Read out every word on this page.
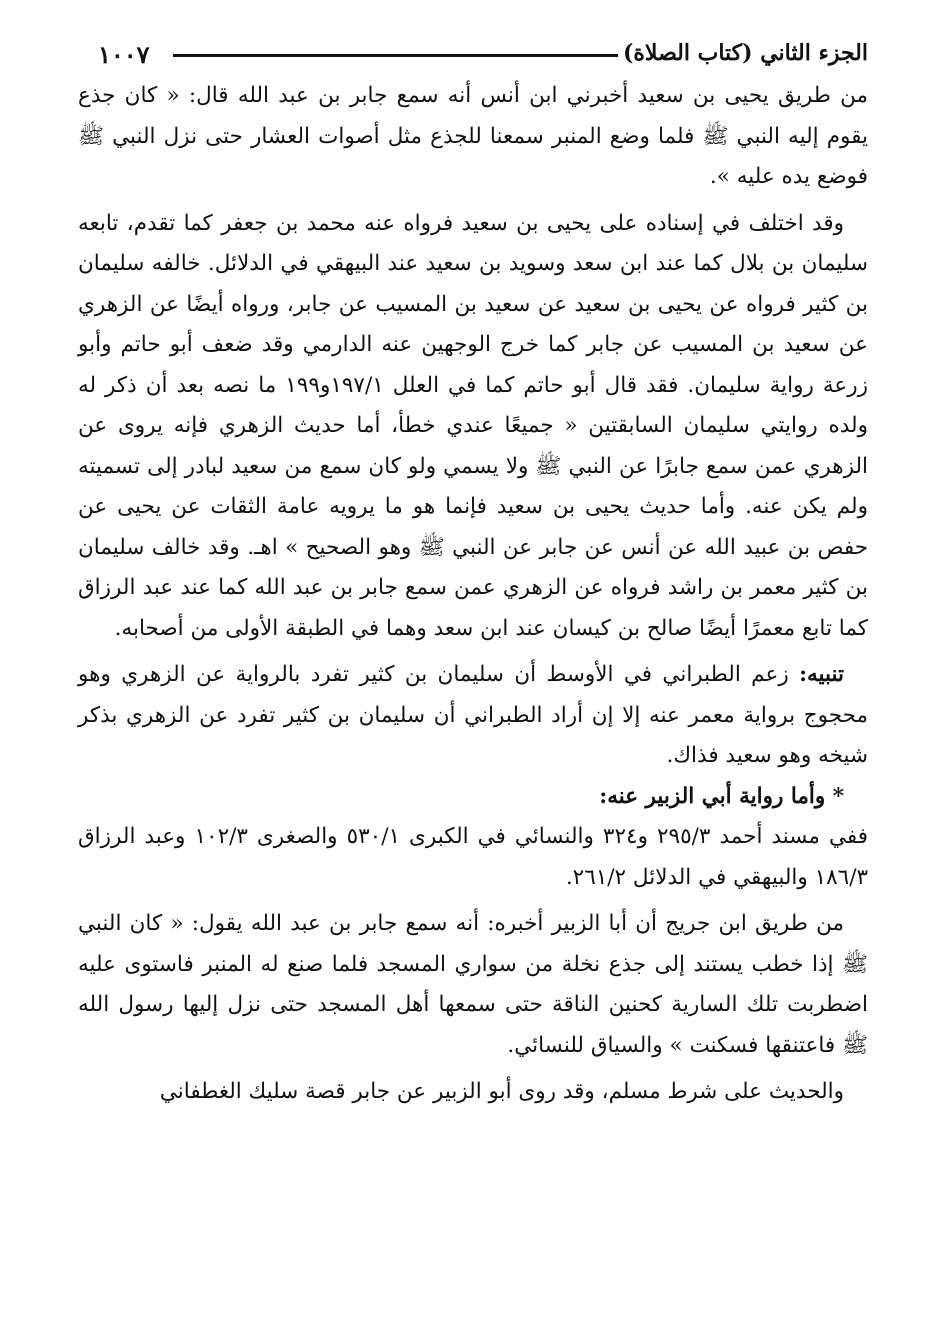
١٠٠٧	الجزء الثاني (كتاب الصلاة)

من طريق يحيى بن سعيد أخبرني ابن أنس أنه سمع جابر بن عبد الله قال: « كان جذع يقوم إليه النبي ﷺ فلما وضع المنبر سمعنا للجذع مثل أصوات العشار حتى نزل النبي ﷺ فوضع يده عليه ».

وقد اختلف في إسناده على يحيى بن سعيد فرواه عنه محمد بن جعفر كما تقدم، تابعه سليمان بن بلال كما عند ابن سعد وسويد بن سعيد عند البيهقي في الدلائل. خالفه سليمان بن كثير فرواه عن يحيى بن سعيد عن سعيد بن المسيب عن جابر، ورواه أيضًا عن الزهري عن سعيد بن المسيب عن جابر كما خرج الوجهين عنه الدارمي وقد ضعف أبو حاتم وأبو زرعة رواية سليمان. فقد قال أبو حاتم كما في العلل ١٩٧/١و١٩٩ ما نصه بعد أن ذكر له ولده روايتي سليمان السابقتين « جميعًا عندي خطأ، أما حديث الزهري فإنه يروى عن الزهري عمن سمع جابرًا عن النبي ﷺ ولا يسمي ولو كان سمع من سعيد لبادر إلى تسميته ولم يكن عنه. وأما حديث يحيى بن سعيد فإنما هو ما يرويه عامة الثقات عن يحيى عن حفص بن عبيد الله عن أنس عن جابر عن النبي ﷺ وهو الصحيح » اهـ. وقد خالف سليمان بن كثير معمر بن راشد فرواه عن الزهري عمن سمع جابر بن عبد الله كما عند عبد الرزاق كما تابع معمرًا أيضًا صالح بن كيسان عند ابن سعد وهما في الطبقة الأولى من أصحابه.

تنبيه: زعم الطبراني في الأوسط أن سليمان بن كثير تفرد بالرواية عن الزهري وهو محجوج برواية معمر عنه إلا إن أراد الطبراني أن سليمان بن كثير تفرد عن الزهري بذكر شيخه وهو سعيد فذاك.

* وأما رواية أبي الزبير عنه:

ففي مسند أحمد ٢٩٥/٣ و٣٢٤ والنسائي في الكبرى ٥٣٠/١ والصغرى ١٠٢/٣ وعبد الرزاق ١٨٦/٣ والبيهقي في الدلائل ٢٦١/٢.

من طريق ابن جريج أن أبا الزبير أخبره: أنه سمع جابر بن عبد الله يقول: « كان النبي ﷺ إذا خطب يستند إلى جذع نخلة من سواري المسجد فلما صنع له المنبر فاستوى عليه اضطربت تلك السارية كحنين الناقة حتى سمعها أهل المسجد حتى نزل إليها رسول الله ﷺ فاعتنقها فسكنت » والسياق للنسائي.

والحديث على شرط مسلم، وقد روى أبو الزبير عن جابر قصة سليك الغطفاني
